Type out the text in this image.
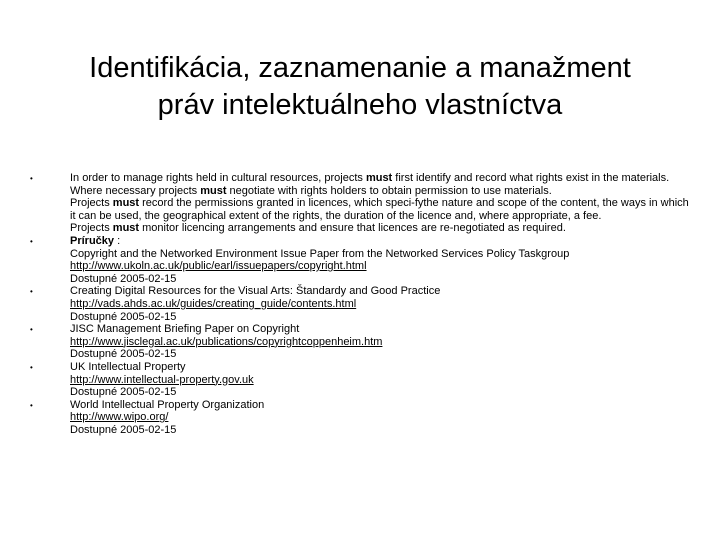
Identifikácia, zaznamenanie a manažment
práv intelektuálneho vlastníctva
•	In order to manage rights held in cultural resources, projects must first identify and record what rights exist in the materials.
Where necessary projects must negotiate with rights holders to obtain permission to use materials.
Projects must record the permissions granted in licences, which speci-fythe nature and scope of the content, the ways in which it can be used, the geographical extent of the rights, the duration of the licence and, where appropriate, a fee.
Projects must monitor licencing arrangements and ensure that licences are re-negotiated as required.
•	Príručky :
Copyright and the Networked Environment Issue Paper from the Networked Services Policy Taskgroup
http://www.ukoln.ac.uk/public/earl/issuepapers/copyright.html
Dostupné 2005-02-15
•	Creating Digital Resources for the Visual Arts: Štandardy and Good Practice
http://vads.ahds.ac.uk/guides/creating_guide/contents.html
Dostupné 2005-02-15
•	JISC Management Briefing Paper on Copyright
http://www.jisclegal.ac.uk/publications/copyrightcoppenheim.htm
Dostupné 2005-02-15
•	UK Intellectual Property
http://www.intellectual-property.gov.uk
Dostupné 2005-02-15
•	World Intellectual Property Organization
http://www.wipo.org/
Dostupné 2005-02-15
